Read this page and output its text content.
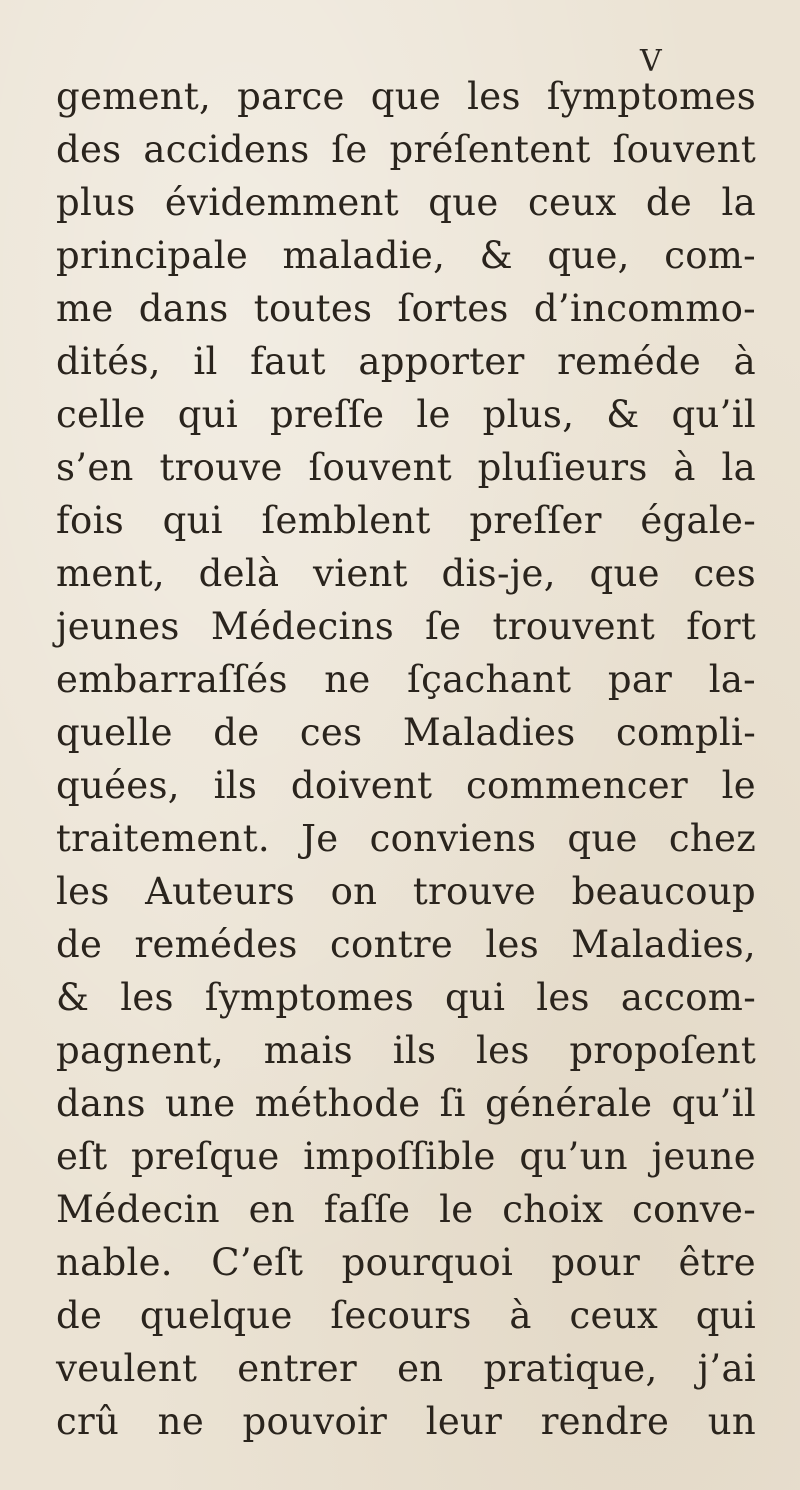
V
gement, parce que les ſymptomes
des accidens ſe préſentent ſouvent
plus évidemment que ceux de la
principale maladie, & que, com-
me dans toutes ſortes d’incommo-
dités, il faut apporter reméde à
celle qui preſſe le plus, & qu’il
s’en trouve ſouvent pluſieurs à la
fois qui ſemblent preſſer égale-
ment, delà vient dis-je, que ces
jeunes Médecins ſe trouvent fort
embarraſſés ne ſçachant par la-
quelle de ces Maladies compli-
quées, ils doivent commencer le
traitement. Je conviens que chez
les Auteurs on trouve beaucoup
de remédes contre les Maladies,
& les ſymptomes qui les accom-
pagnent, mais ils les propoſent
dans une méthode ſi générale qu’il
eſt preſque impoſſible qu’un jeune
Médecin en faſſe le choix conve-
nable. C’eſt pourquoi pour être
de quelque ſecours à ceux qui
veulent entrer en pratique, j’ai
crû ne pouvoir leur rendre un
